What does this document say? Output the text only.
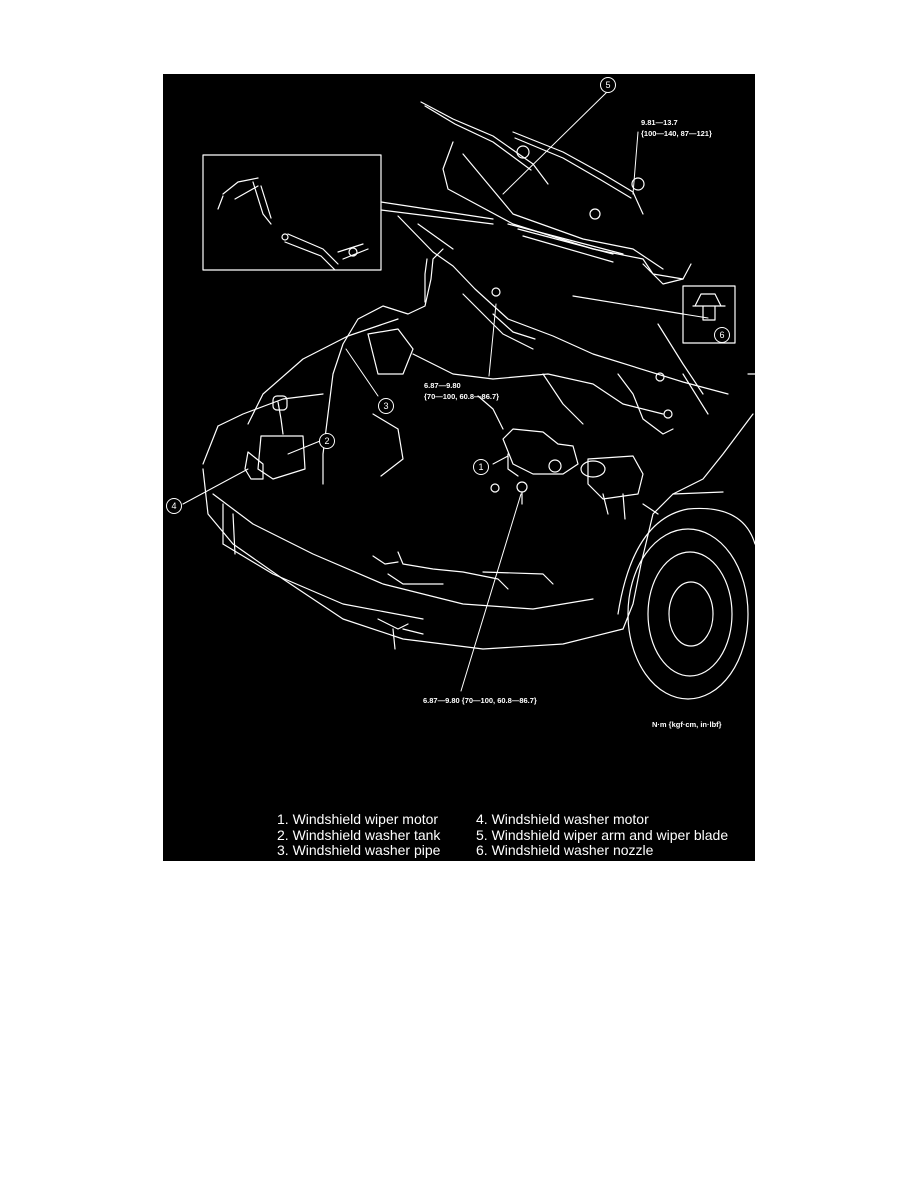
5
6
3
2
1
4
9.81—13.7
{100—140, 87—121}
6.87—9.80
{70—100, 60.8—86.7}
6.87—9.80 {70—100, 60.8—86.7}
N·m {kgf·cm, in·lbf}
1. Windshield wiper motor
2. Windshield washer tank
3. Windshield washer pipe
4. Windshield washer motor
5. Windshield wiper arm and wiper blade
6. Windshield washer nozzle
